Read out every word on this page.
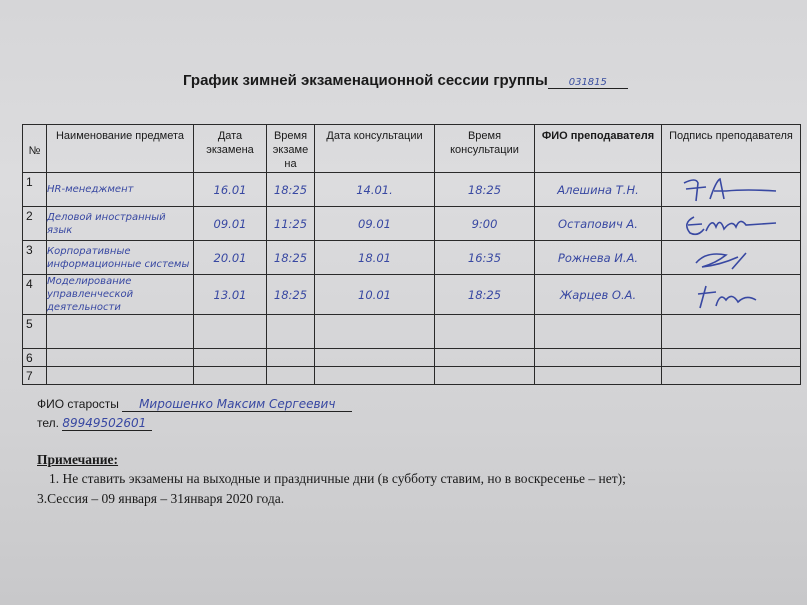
График зимней экзаменационной сессии группы 031815
№	Наименование предмета	Дата экзамена	Время экзаме на	Дата консультации	Время консультации	ФИО преподавателя	Подпись преподавателя
1	HR-менеджмент	16.01	18:25	14.01.	18:25	Алешина Т.Н.	

2	Деловой иностранный язык	09.01	11:25	09.01	9:00	Остапович А.	

3	Корпоративные информационные системы	20.01	18:25	18.01	16:35	Рожнева И.А.	

4	Моделирование управленческой деятельности	13.01	18:25	10.01	18:25	Жарцев О.А.	

5							
6							
7							
ФИО старосты Мирошенко Максим Сергеевич
тел. 89949502601
Примечание:
1. Не ставить экзамены на выходные и праздничные дни (в субботу ставим, но в воскресенье – нет);
3.Сессия – 09 января – 31января 2020 года.
